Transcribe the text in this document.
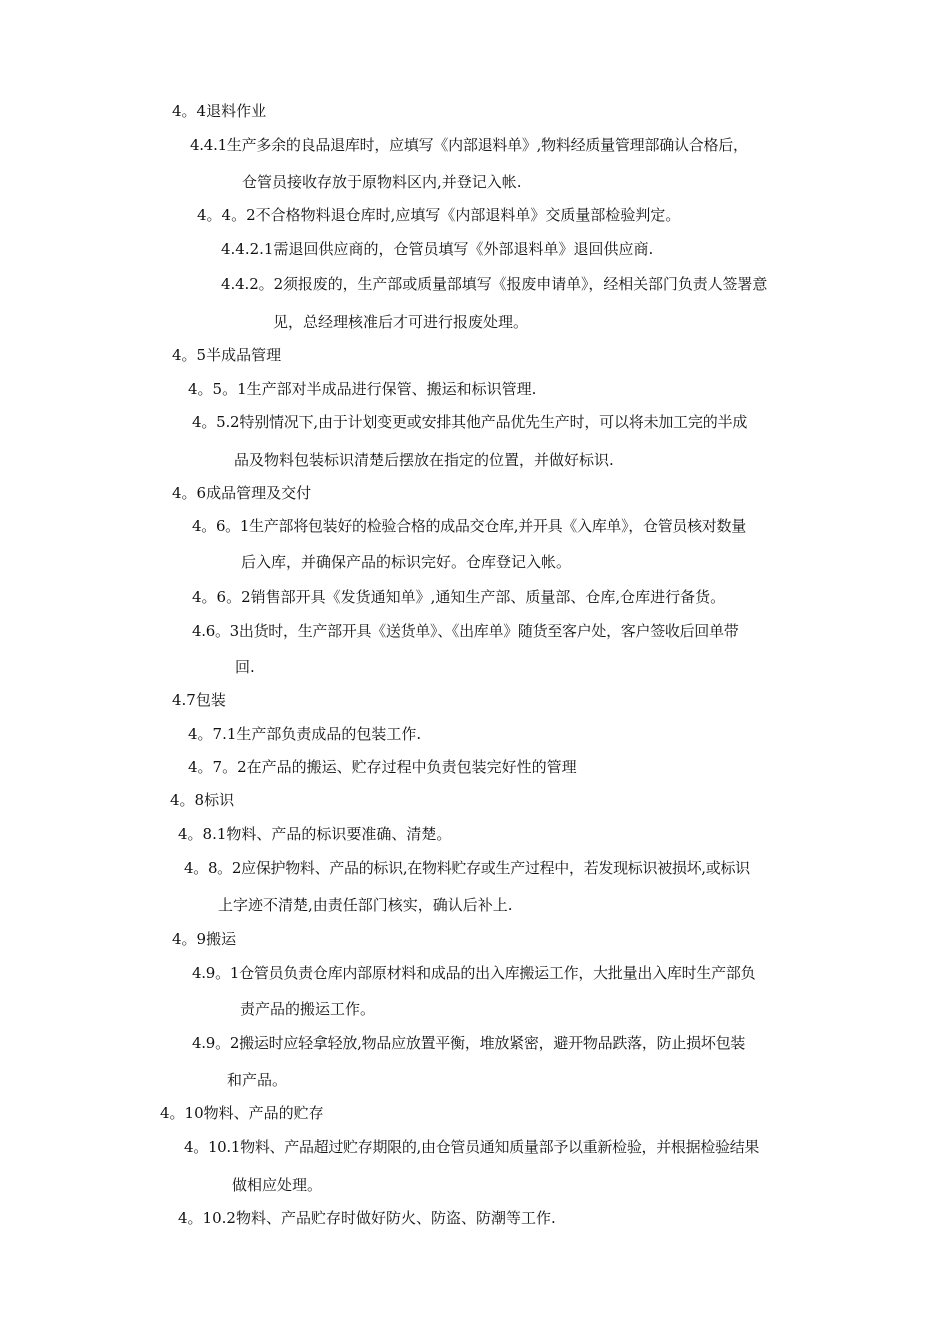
4。4退料作业
4.4.1生产多余的良品退库时，应填写《内部退料单》,物料经质量管理部确认合格后，
仓管员接收存放于原物料区内,并登记入帐.
4。4。2不合格物料退仓库时,应填写《内部退料单》交质量部检验判定。
4.4.2.1需退回供应商的，仓管员填写《外部退料单》退回供应商.
4.4.2。2须报废的，生产部或质量部填写《报废申请单》，经相关部门负责人签署意
见，总经理核准后才可进行报废处理。
4。5半成品管理
4。5。1生产部对半成品进行保管、搬运和标识管理.
4。5.2特别情况下,由于计划变更或安排其他产品优先生产时，可以将未加工完的半成
品及物料包装标识清楚后摆放在指定的位置，并做好标识.
4。6成品管理及交付
4。6。1生产部将包装好的检验合格的成品交仓库,并开具《入库单》，仓管员核对数量
后入库，并确保产品的标识完好。仓库登记入帐。
4。6。2销售部开具《发货通知单》,通知生产部、质量部、仓库,仓库进行备货。
4.6。3出货时，生产部开具《送货单》、《出库单》随货至客户处，客户签收后回单带
回.
4.7包装
4。7.1生产部负责成品的包装工作.
4。7。2在产品的搬运、贮存过程中负责包装完好性的管理
4。8标识
4。8.1物料、产品的标识要准确、清楚。
4。8。2应保护物料、产品的标识,在物料贮存或生产过程中，若发现标识被损坏,或标识
上字迹不清楚,由责任部门核实，确认后补上.
4。9搬运
4.9。1仓管员负责仓库内部原材料和成品的出入库搬运工作，大批量出入库时生产部负
责产品的搬运工作。
4.9。2搬运时应轻拿轻放,物品应放置平衡，堆放紧密，避开物品跌落，防止损坏包装
和产品。
4。10物料、产品的贮存
4。10.1物料、产品超过贮存期限的,由仓管员通知质量部予以重新检验，并根据检验结果
做相应处理。
4。10.2物料、产品贮存时做好防火、防盗、防潮等工作.
